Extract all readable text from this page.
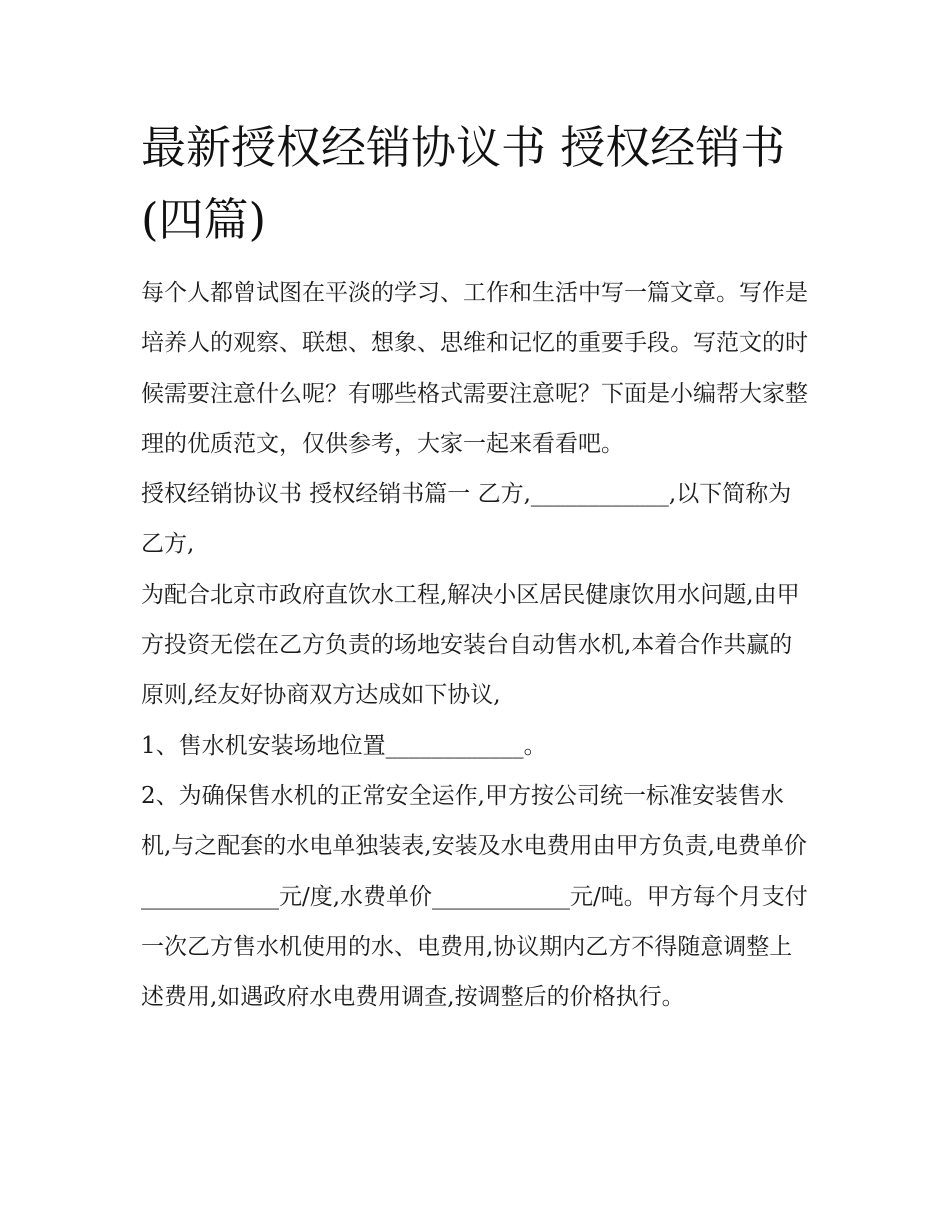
最新授权经销协议书 授权经销书(四篇)

每个人都曾试图在平淡的学习、工作和生活中写一篇文章。写作是培养人的观察、联想、想象、思维和记忆的重要手段。写范文的时候需要注意什么呢？有哪些格式需要注意呢？下面是小编帮大家整理的优质范文，仅供参考，大家一起来看看吧。

授权经销协议书 授权经销书篇一 乙方,____________,以下简称为乙方,

为配合北京市政府直饮水工程,解决小区居民健康饮用水问题,由甲方投资无偿在乙方负责的场地安装台自动售水机,本着合作共赢的原则,经友好协商双方达成如下协议,

1、售水机安装场地位置____________。

2、为确保售水机的正常安全运作,甲方按公司统一标准安装售水机,与之配套的水电单独装表,安装及水电费用由甲方负责,电费单价____________元/度,水费单价____________元/吨。甲方每个月支付一次乙方售水机使用的水、电费用,协议期内乙方不得随意调整上述费用,如遇政府水电费用调查,按调整后的价格执行。
